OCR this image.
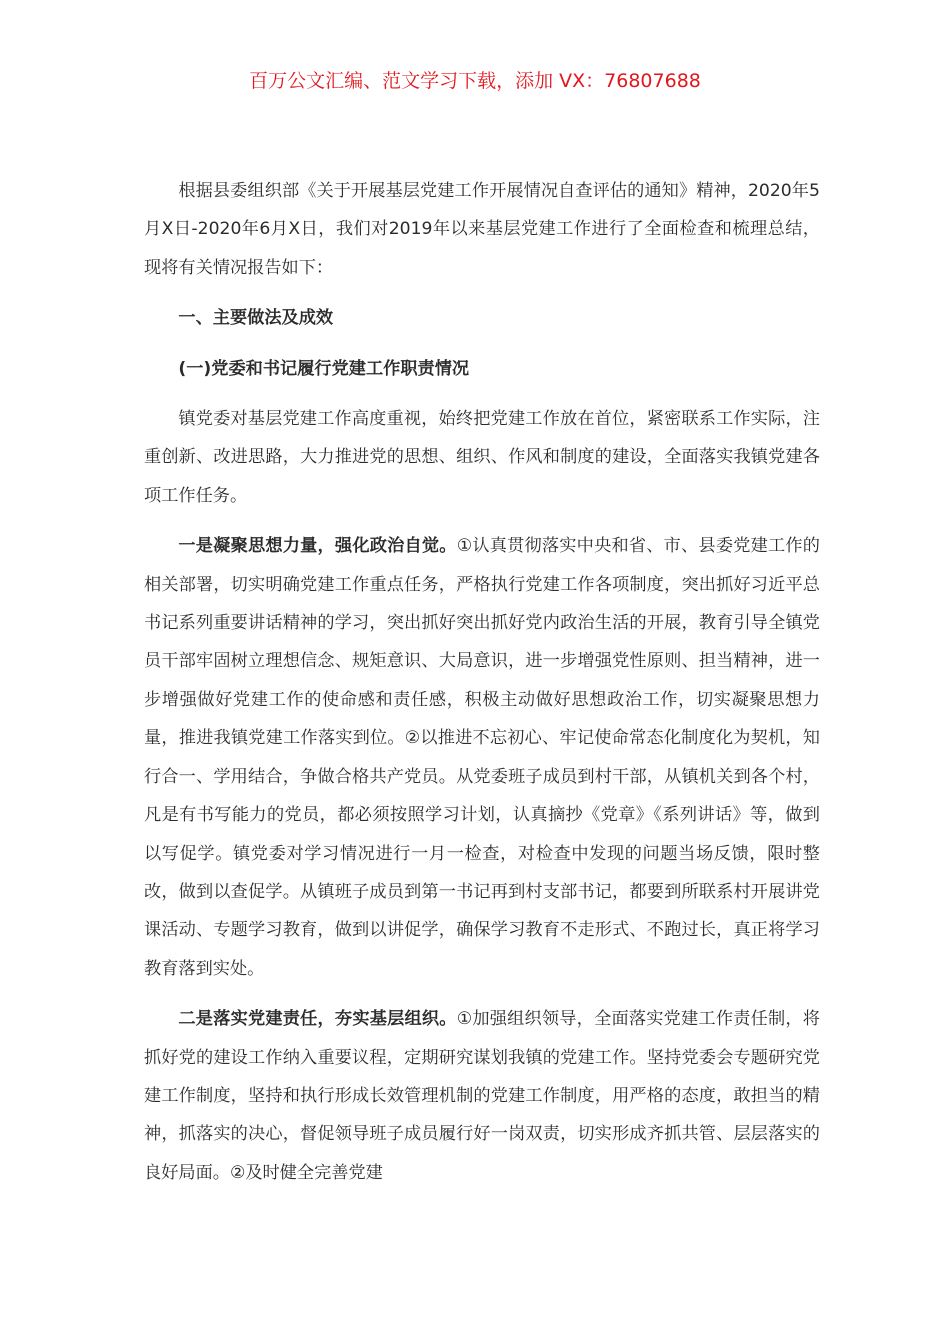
百万公文汇编、范文学习下载，添加 VX：76807688

根据县委组织部《关于开展基层党建工作开展情况自查评估的通知》精神，2020年5月X日-2020年6月X日，我们对2019年以来基层党建工作进行了全面检查和梳理总结，现将有关情况报告如下：

一、主要做法及成效

(一)党委和书记履行党建工作职责情况

镇党委对基层党建工作高度重视，始终把党建工作放在首位，紧密联系工作实际，注重创新、改进思路，大力推进党的思想、组织、作风和制度的建设，全面落实我镇党建各项工作任务。

一是凝聚思想力量，强化政治自觉。①认真贯彻落实中央和省、市、县委党建工作的相关部署，切实明确党建工作重点任务，严格执行党建工作各项制度，突出抓好习近平总书记系列重要讲话精神的学习，突出抓好突出抓好党内政治生活的开展，教育引导全镇党员干部牢固树立理想信念、规矩意识、大局意识，进一步增强党性原则、担当精神，进一步增强做好党建工作的使命感和责任感，积极主动做好思想政治工作，切实凝聚思想力量，推进我镇党建工作落实到位。②以推进不忘初心、牢记使命常态化制度化为契机，知行合一、学用结合，争做合格共产党员。从党委班子成员到村干部，从镇机关到各个村，凡是有书写能力的党员，都必须按照学习计划，认真摘抄《党章》《系列讲话》等，做到以写促学。镇党委对学习情况进行一月一检查，对检查中发现的问题当场反馈，限时整改，做到以查促学。从镇班子成员到第一书记再到村支部书记，都要到所联系村开展讲党课活动、专题学习教育，做到以讲促学，确保学习教育不走形式、不跑过长，真正将学习教育落到实处。

二是落实党建责任，夯实基层组织。①加强组织领导，全面落实党建工作责任制，将抓好党的建设工作纳入重要议程，定期研究谋划我镇的党建工作。坚持党委会专题研究党建工作制度，坚持和执行形成长效管理机制的党建工作制度，用严格的态度，敢担当的精神，抓落实的决心，督促领导班子成员履行好一岗双责，切实形成齐抓共管、层层落实的良好局面。②及时健全完善党建
